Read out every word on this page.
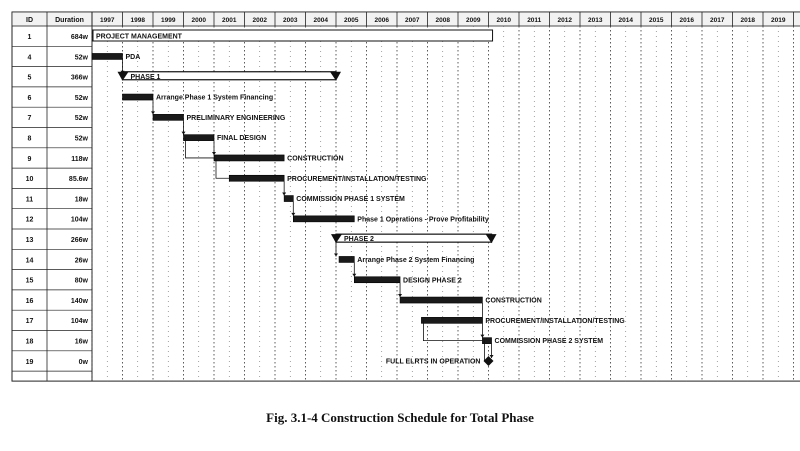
ID	Duration 1997 1998 1999 2000 2001 2002 2003 2004 2005 2006 2007 2008 2009 2010 2011 2012 2013 2014 2015 2016 2017 2018 2019
1	684w PROJECT MANAGEMENT
4	52w	PDA
5	366w	PHASE 1
6	52w	Arrange Phase 1 System Financing
7	52w	PRELIMINARY ENGINEERING
8	52w	FINAL DESIGN
9	118w	CONSTRUCTION
10	85.6w	PROCUREMENT/INSTALLATION/TESTING
11	18w	COMMISSION PHASE 1 SYSTEM
12	104w	Phase 1 Operations - Prove Profitability
13	266w	PHASE 2
14	26w	Arrange Phase 2 System Financing
15	80w	DESIGN PHASE 2
16	140w	CONSTRUCTION
17	104w	PROCUREMENT/INSTALLATION/TESTING
18	16w	COMMISSION PHASE 2 SYSTEM
19	0w	FULL ELRTS IN OPERATION
Fig. 3.1-4 Construction Schedule for Total Phase
